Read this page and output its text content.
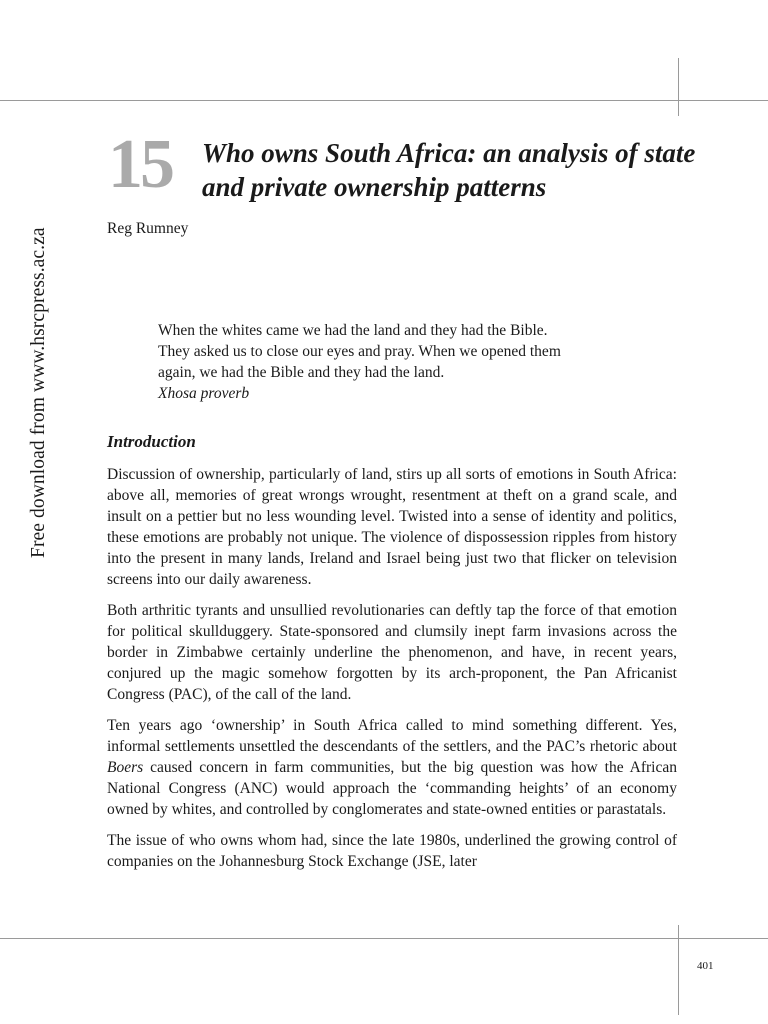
Free download from www.hsrcpress.ac.za
15 Who owns South Africa: an analysis of state and private ownership patterns
Reg Rumney
When the whites came we had the land and they had the Bible.
They asked us to close our eyes and pray. When we opened them
again, we had the Bible and they had the land.
Xhosa proverb
Introduction

Discussion of ownership, particularly of land, stirs up all sorts of emotions in South Africa: above all, memories of great wrongs wrought, resentment at theft on a grand scale, and insult on a pettier but no less wounding level. Twisted into a sense of identity and politics, these emotions are probably not unique. The violence of dispossession ripples from history into the present in many lands, Ireland and Israel being just two that flicker on television screens into our daily awareness.

Both arthritic tyrants and unsullied revolutionaries can deftly tap the force of that emotion for political skullduggery. State-sponsored and clumsily inept farm invasions across the border in Zimbabwe certainly underline the phenomenon, and have, in recent years, conjured up the magic somehow forgotten by its arch-proponent, the Pan Africanist Congress (PAC), of the call of the land.

Ten years ago ‘ownership’ in South Africa called to mind something different. Yes, informal settlements unsettled the descendants of the settlers, and the PAC’s rhetoric about Boers caused concern in farm communities, but the big question was how the African National Congress (ANC) would approach the ‘commanding heights’ of an economy owned by whites, and controlled by conglomerates and state-owned entities or parastatals.

The issue of who owns whom had, since the late 1980s, underlined the growing control of companies on the Johannesburg Stock Exchange (JSE, later

401
